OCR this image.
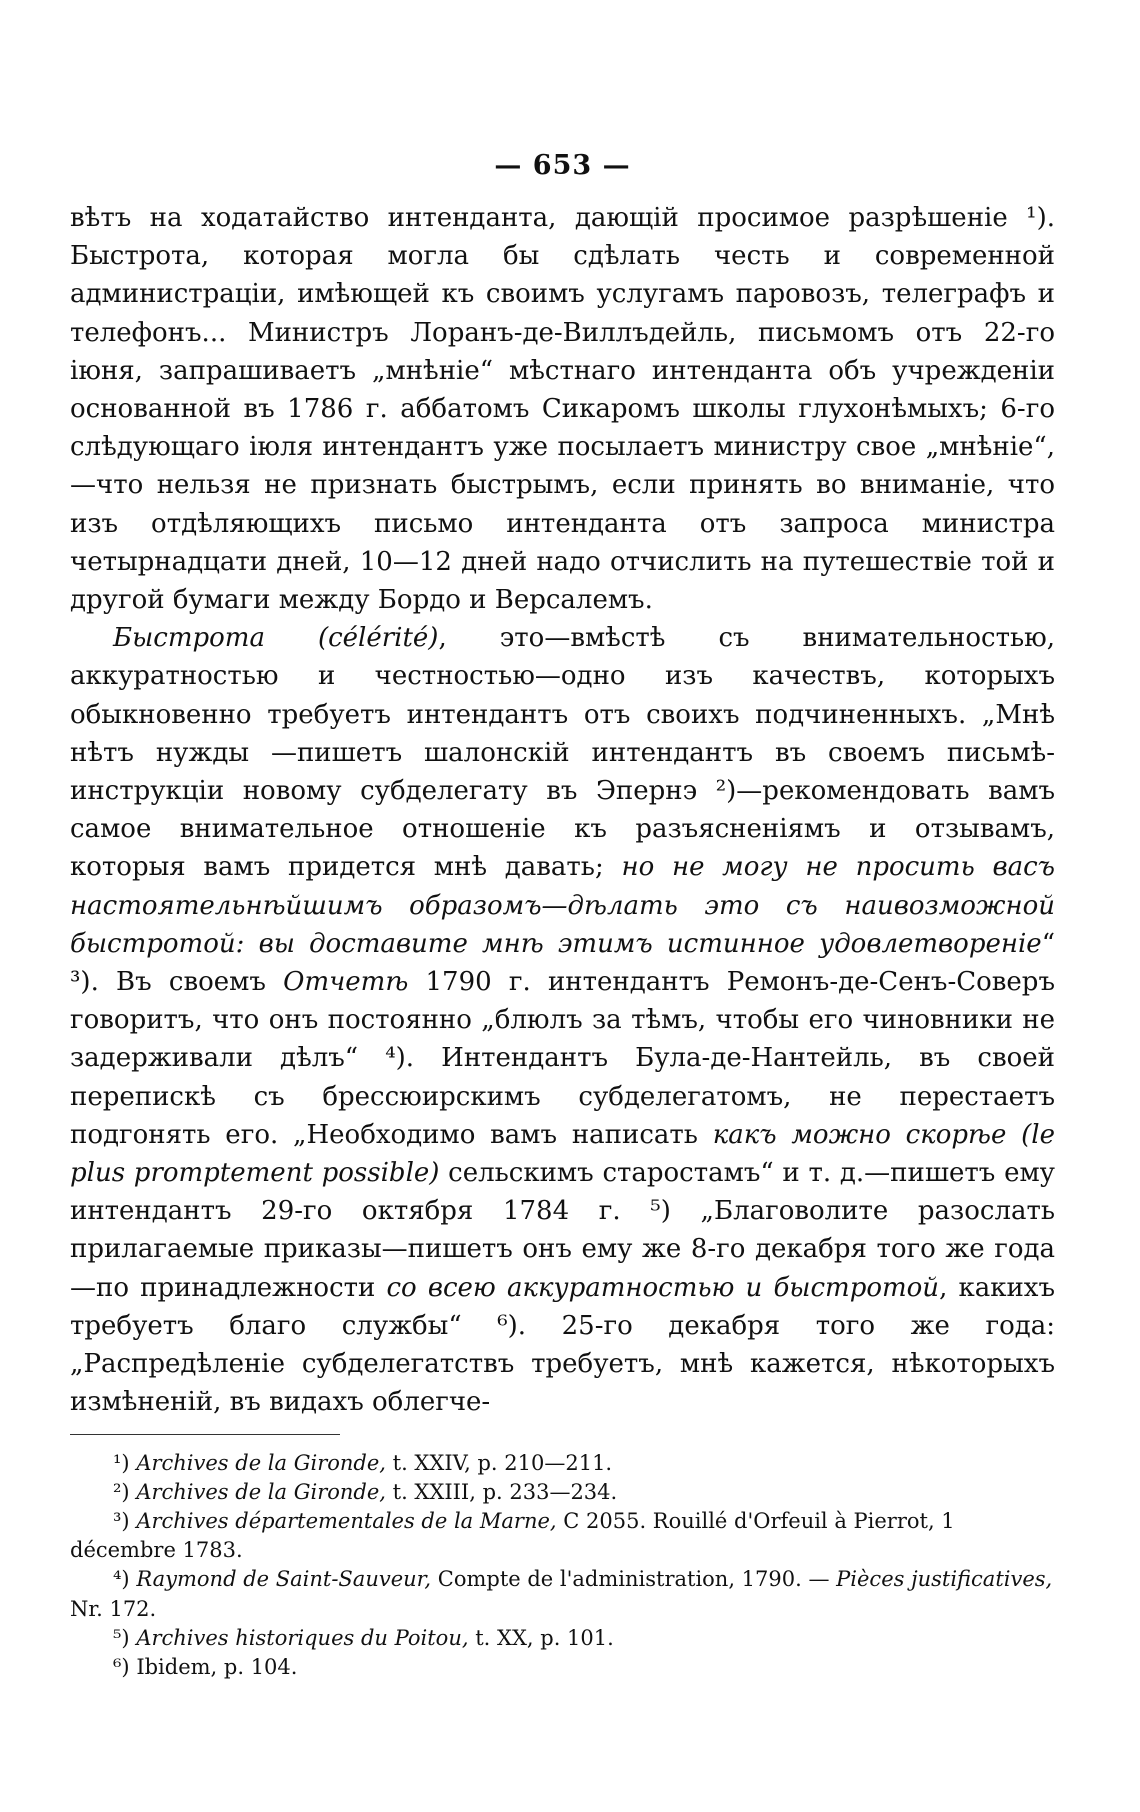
— 653 —

вѣтъ на ходатайство интенданта, дающій просимое разрѣшеніе ¹). Быстрота, которая могла бы сдѣлать честь и современной администраціи, имѣющей къ своимъ услугамъ паровозъ, телеграфъ и телефонъ... Министръ Лоранъ-де-Виллъдейль, письмомъ отъ 22-го іюня, запрашиваетъ „мнѣніе“ мѣстнаго интенданта объ учрежденіи основанной въ 1786 г. аббатомъ Сикаромъ школы глухонѣмыхъ; 6-го слѣдующаго іюля интендантъ уже посылаетъ министру свое „мнѣніе“,—что нельзя не признать быстрымъ, если принять во вниманіе, что изъ отдѣляющихъ письмо интенданта отъ запроса министра четырнадцати дней, 10—12 дней надо отчислить на путешествіе той и другой бумаги между Бордо и Версалемъ.

Быстрота (célérité), это—вмѣстѣ съ внимательностью, аккуратностью и честностью—одно изъ качествъ, которыхъ обыкновенно требуетъ интендантъ отъ своихъ подчиненныхъ. „Мнѣ нѣтъ нужды —пишетъ шалонскій интендантъ въ своемъ письмѣ-инструкціи новому субделегату въ Эпернэ ²)—рекомендовать вамъ самое внимательное отношеніе къ разъясненіямъ и отзывамъ, которыя вамъ придется мнѣ давать; но не могу не просить васъ настоятельнѣйшимъ образомъ—дѣлать это съ наивозможной быстротой: вы доставите мнѣ этимъ истинное удовлетвореніе“ ³). Въ своемъ Отчетѣ 1790 г. интендантъ Ремонъ-де-Сенъ-Соверъ говоритъ, что онъ постоянно „блюлъ за тѣмъ, чтобы его чиновники не задерживали дѣлъ“ ⁴). Интендантъ Була-де-Нантейль, въ своей перепискѣ съ брессюирскимъ субделегатомъ, не перестаетъ подгонять его. „Необходимо вамъ написать какъ можно скорѣе (le plus promptement possible) сельскимъ старостамъ“ и т. д.—пишетъ ему интендантъ 29-го октября 1784 г. ⁵) „Благоволите разослать прилагаемые приказы—пишетъ онъ ему же 8-го декабря того же года—по принадлежности со всею аккуратностью и быстротой, какихъ требуетъ благо службы“ ⁶). 25-го декабря того же года: „Распредѣленіе субделегатствъ требуетъ, мнѣ кажется, нѣкоторыхъ измѣненій, въ видахъ облегче-

¹) Archives de la Gironde, t. XXIV, p. 210—211.

²) Archives de la Gironde, t. XXIII, p. 233—234.

³) Archives départementales de la Marne, C 2055. Rouillé d'Orfeuil à Pierrot, 1 décembre 1783.

⁴) Raymond de Saint-Sauveur, Compte de l'administration, 1790. — Pièces justificatives, Nr. 172.

⁵) Archives historiques du Poitou, t. XX, p. 101.

⁶) Ibidem, p. 104.
